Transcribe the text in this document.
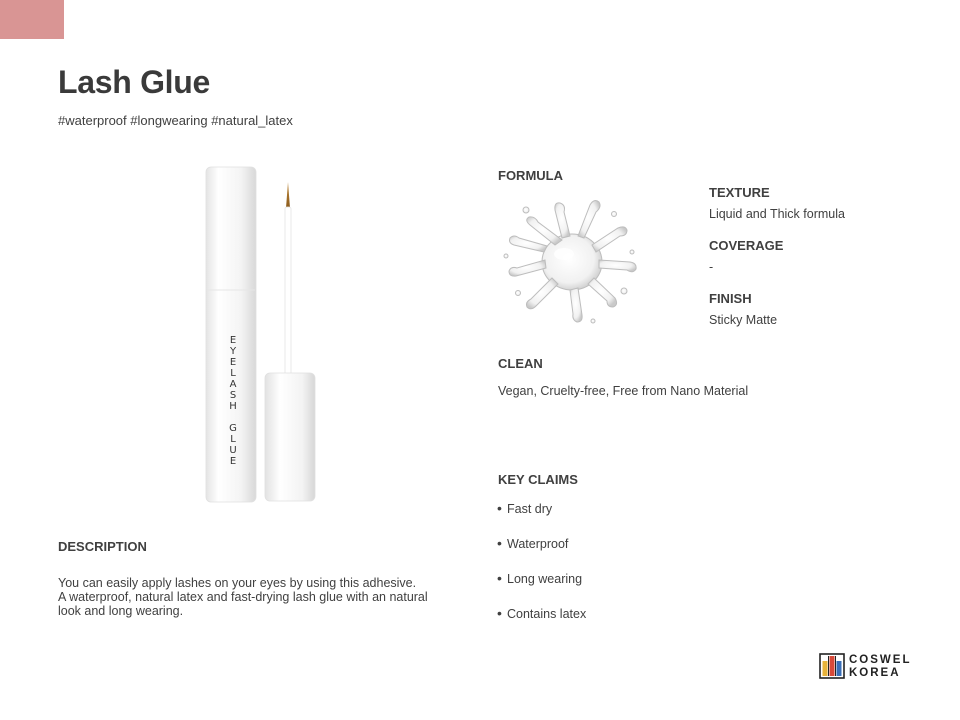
Lash Glue
#waterproof #longwearing #natural_latex
E
Y
E
L
A
S
H
G
L
U
E
FORMULA
TEXTURE
Liquid and Thick formula
COVERAGE
-
FINISH
Sticky Matte
CLEAN
Vegan, Cruelty-free, Free from Nano Material
KEY CLAIMS
• Fast dry
• Waterproof
• Long wearing
• Contains latex
DESCRIPTION
You can easily apply lashes on your eyes by using this adhesive.
A waterproof, natural latex and fast-drying lash glue with an natural
look and long wearing.
COSWEL
KOREA
